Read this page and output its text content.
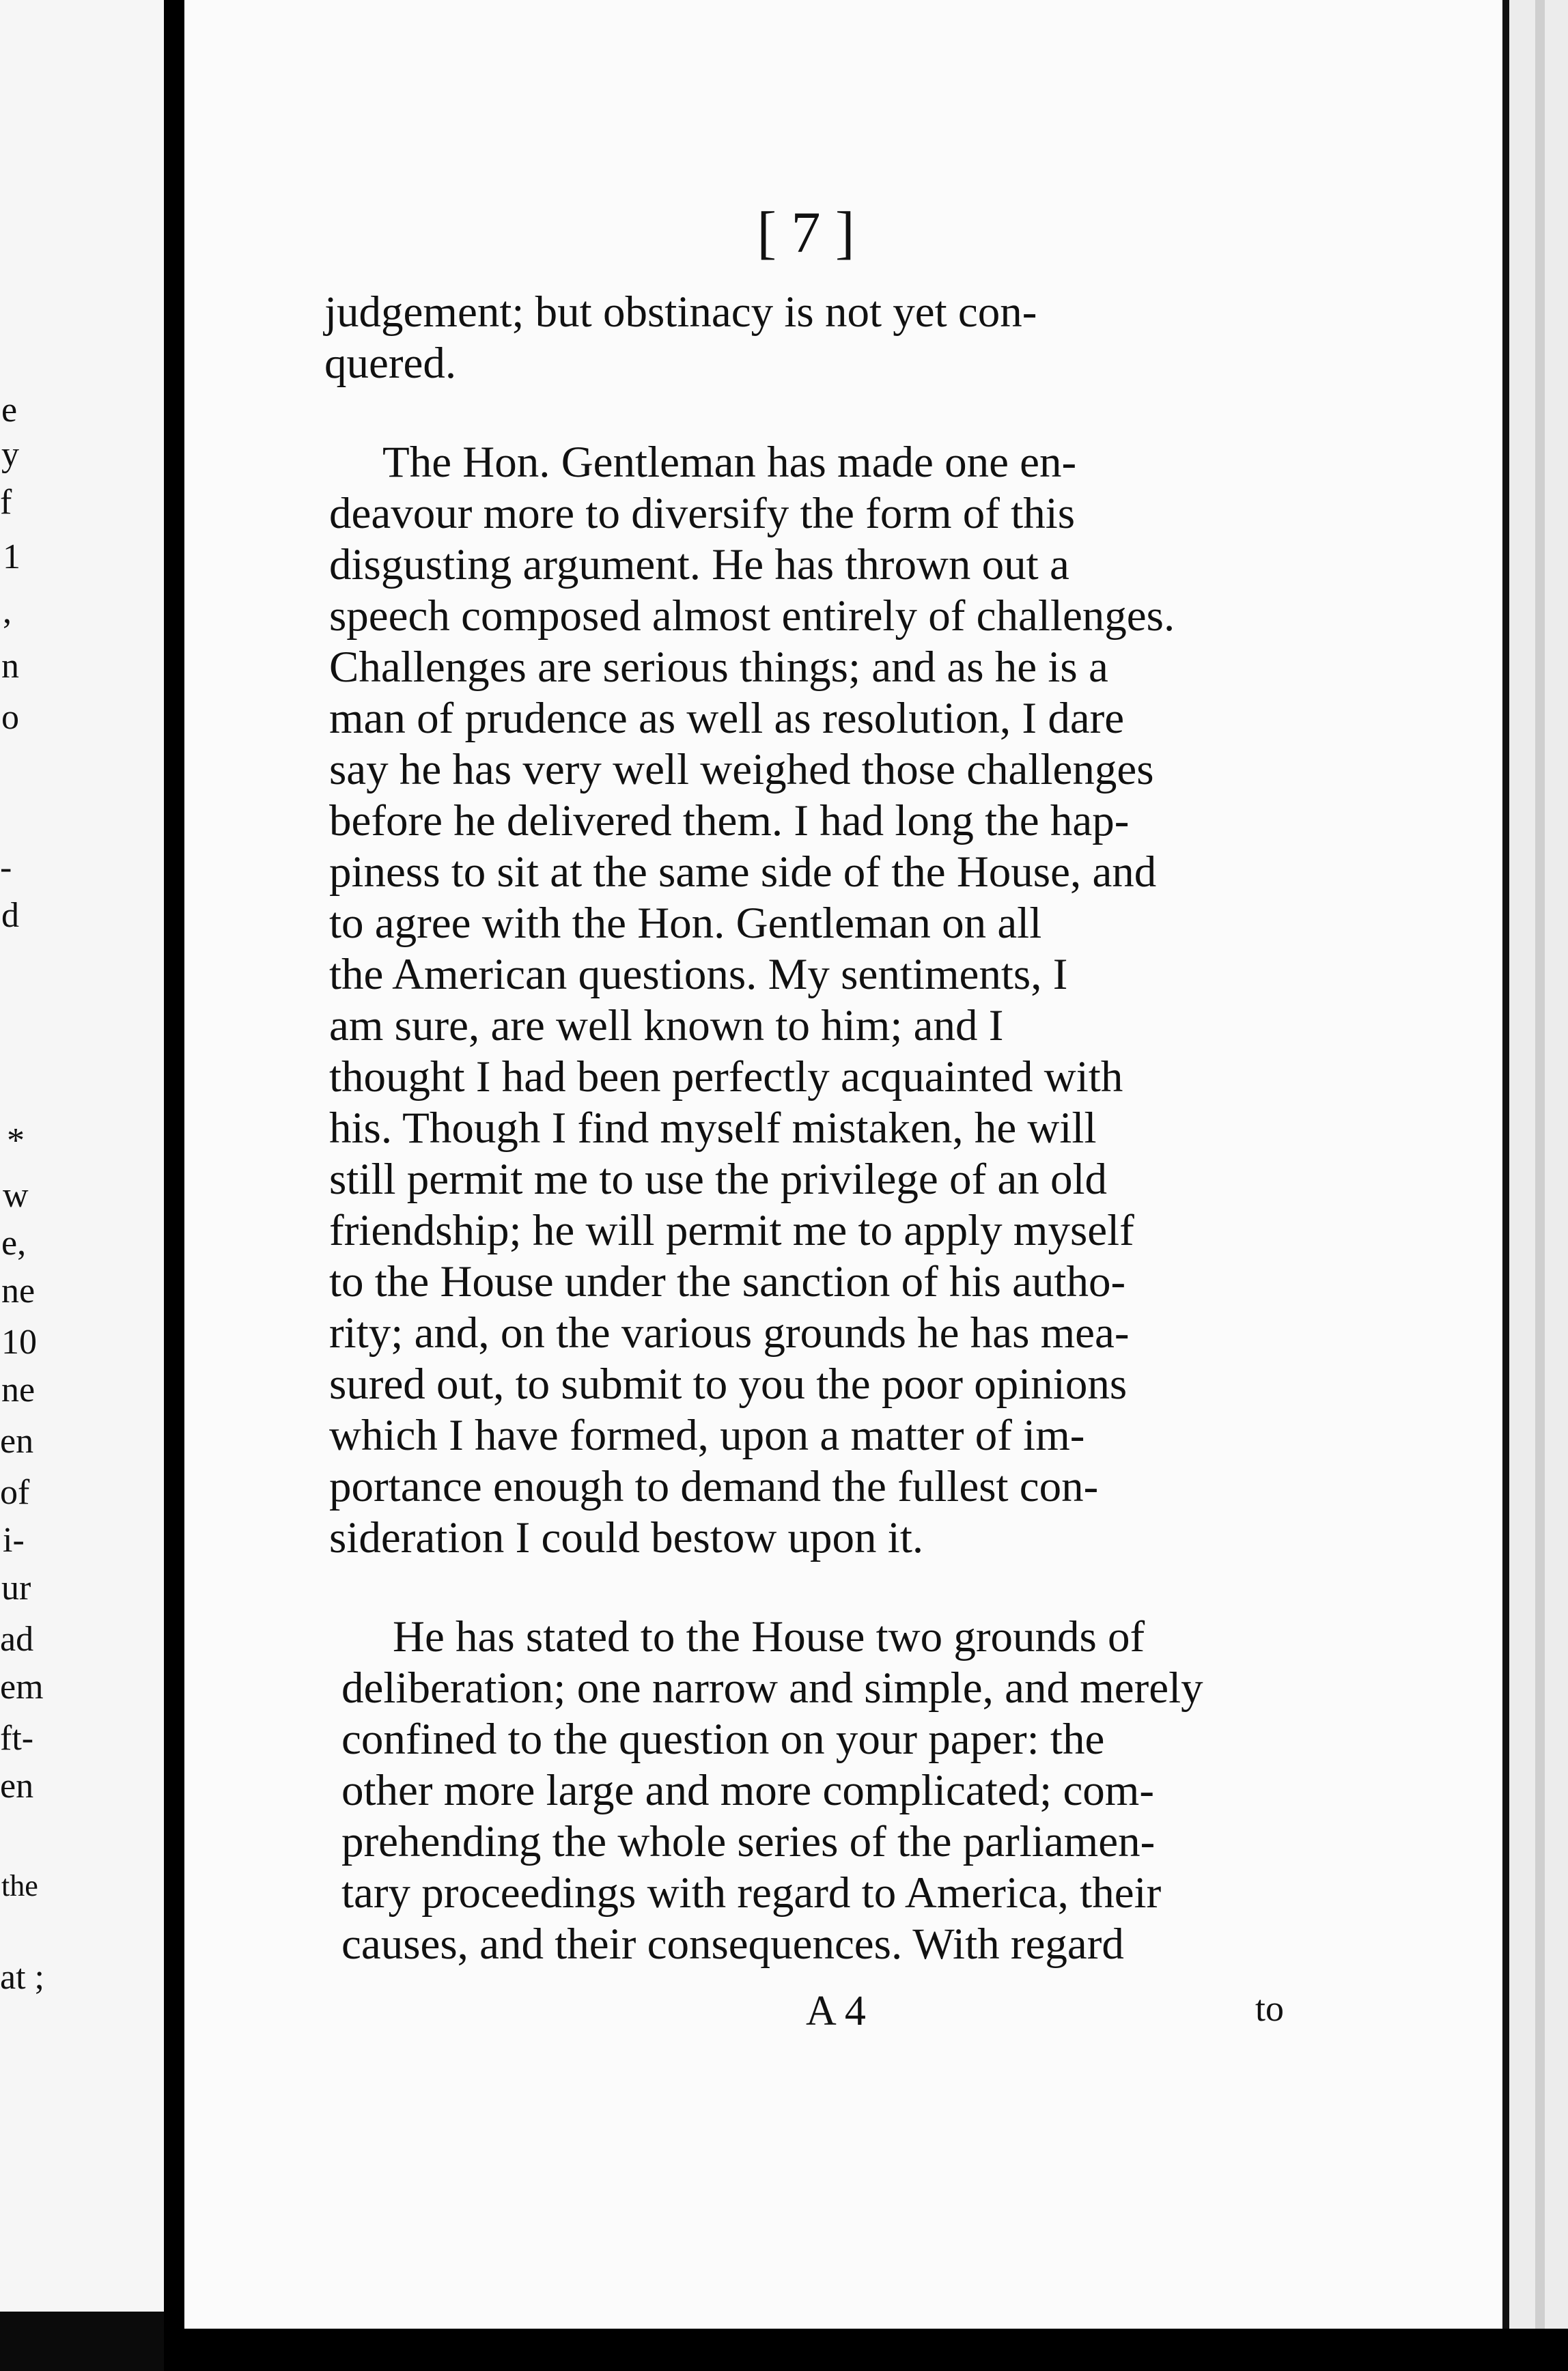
e
y
f
1
,
n
o
-
d
*
w
e,
ne
10
ne
en
of
i-
ur
ad
em
ft-
en
the
at ;
[ 7 ]
judgement; but obstinacy is not yet con-
quered.
The Hon. Gentleman has made one en-
deavour more to diversify the form of this
disgusting argument. He has thrown out a
speech composed almost entirely of challenges.
Challenges are serious things; and as he is a
man of prudence as well as resolution, I dare
say he has very well weighed those challenges
before he delivered them. I had long the hap-
piness to sit at the same side of the House, and
to agree with the Hon. Gentleman on all
the American questions. My sentiments, I
am sure, are well known to him; and I
thought I had been perfectly acquainted with
his. Though I find myself mistaken, he will
still permit me to use the privilege of an old
friendship; he will permit me to apply myself
to the House under the sanction of his autho-
rity; and, on the various grounds he has mea-
sured out, to submit to you the poor opinions
which I have formed, upon a matter of im-
portance enough to demand the fullest con-
sideration I could bestow upon it.
He has stated to the House two grounds of
deliberation; one narrow and simple, and merely
confined to the question on your paper: the
other more large and more complicated; com-
prehending the whole series of the parliamen-
tary proceedings with regard to America, their
causes, and their consequences. With regard
A 4	to
